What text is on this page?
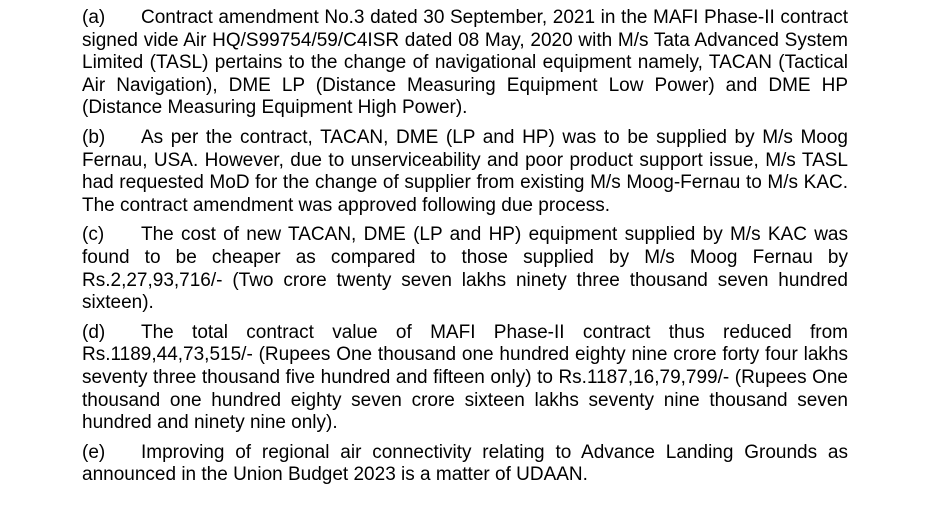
(a) Contract amendment No.3 dated 30 September, 2021 in the MAFI Phase-II contract signed vide Air HQ/S99754/59/C4ISR dated 08 May, 2020 with M/s Tata Advanced System Limited (TASL) pertains to the change of navigational equipment namely, TACAN (Tactical Air Navigation), DME LP (Distance Measuring Equipment Low Power) and DME HP (Distance Measuring Equipment High Power).

(b) As per the contract, TACAN, DME (LP and HP) was to be supplied by M/s Moog Fernau, USA. However, due to unserviceability and poor product support issue, M/s TASL had requested MoD for the change of supplier from existing M/s Moog-Fernau to M/s KAC. The contract amendment was approved following due process.

(c) The cost of new TACAN, DME (LP and HP) equipment supplied by M/s KAC was found to be cheaper as compared to those supplied by M/s Moog Fernau by Rs.2,27,93,716/- (Two crore twenty seven lakhs ninety three thousand seven hundred sixteen).

(d) The total contract value of MAFI Phase-II contract thus reduced from Rs.1189,44,73,515/- (Rupees One thousand one hundred eighty nine crore forty four lakhs seventy three thousand five hundred and fifteen only) to Rs.1187,16,79,799/- (Rupees One thousand one hundred eighty seven crore sixteen lakhs seventy nine thousand seven hundred and ninety nine only).

(e) Improving of regional air connectivity relating to Advance Landing Grounds as announced in the Union Budget 2023 is a matter of UDAAN.
